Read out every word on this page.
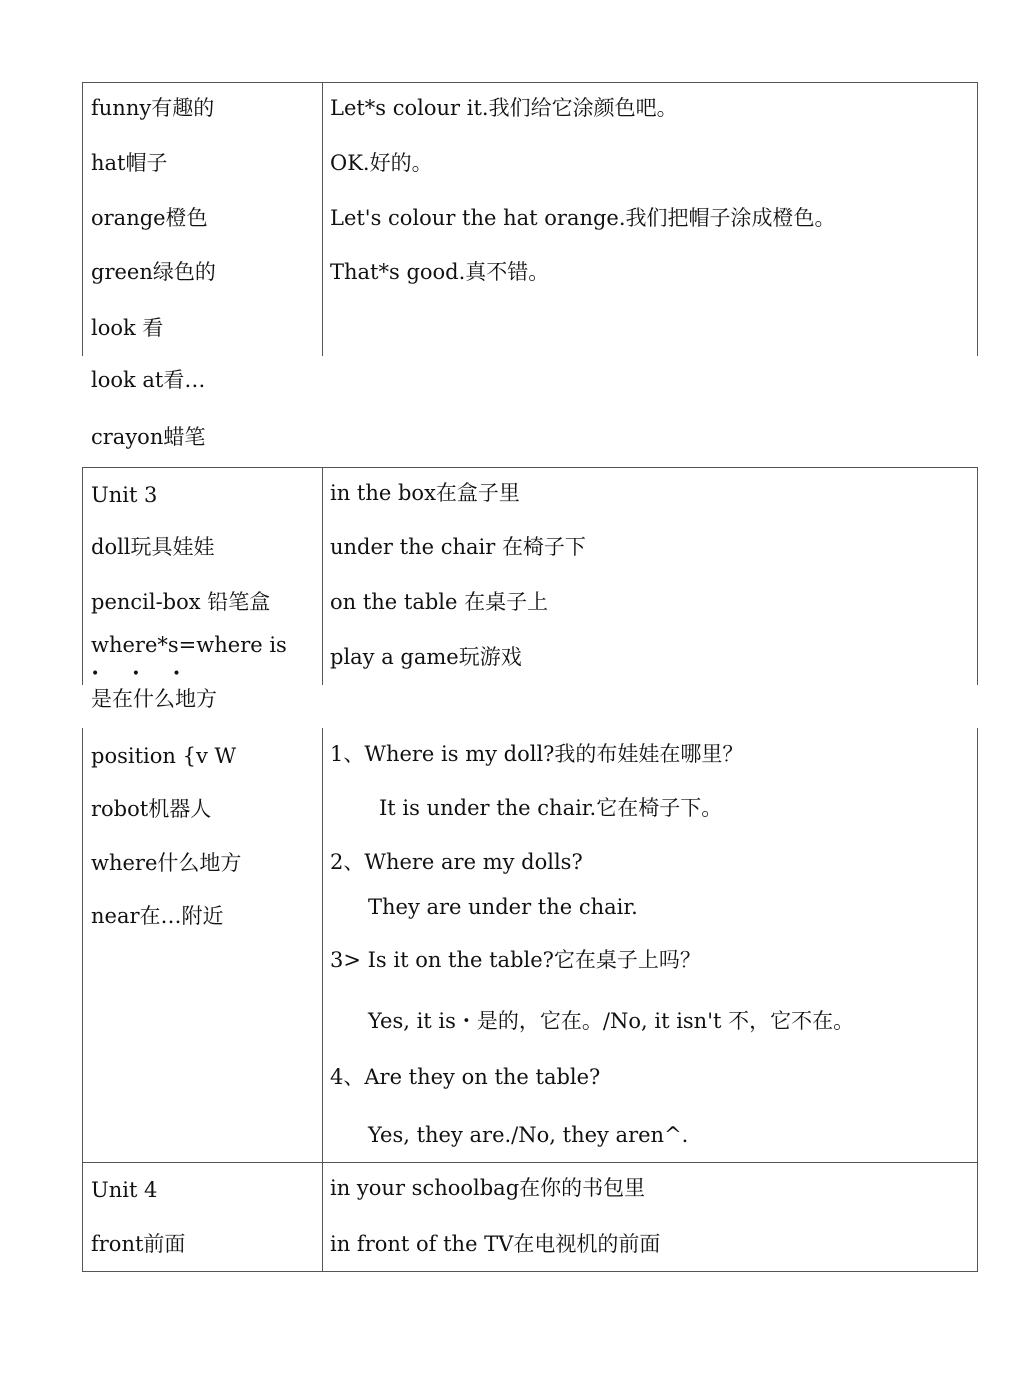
funny有趣的
hat帽子
orange橙色
green绿色的
look 看
Let*s colour it.我们给它涂颜色吧。
OK.好的。
Let's colour the hat orange.我们把帽子涂成橙色。
That*s good.真不错。
look at看…
crayon蜡笔
Unit 3
doll玩具娃娃
pencil-box 铅笔盒
where*s=where is
• • •
in the box在盒子里
under the chair 在椅子下
on the table 在桌子上
play a game玩游戏
是在什么地方
position {v W
robot机器人
where什么地方
near在…附近
1、Where is my doll?我的布娃娃在哪里？
It is under the chair.它在椅子下。
2、Where are my dolls?
They are under the chair.
3> Is it on the table?它在桌子上吗？
Yes, it is・是的，它在。/No, it isn't 不，它不在。
4、Are they on the table?
Yes, they are./No, they aren^.
Unit 4
front前面
in your schoolbag在你的书包里
in front of the TV在电视机的前面
